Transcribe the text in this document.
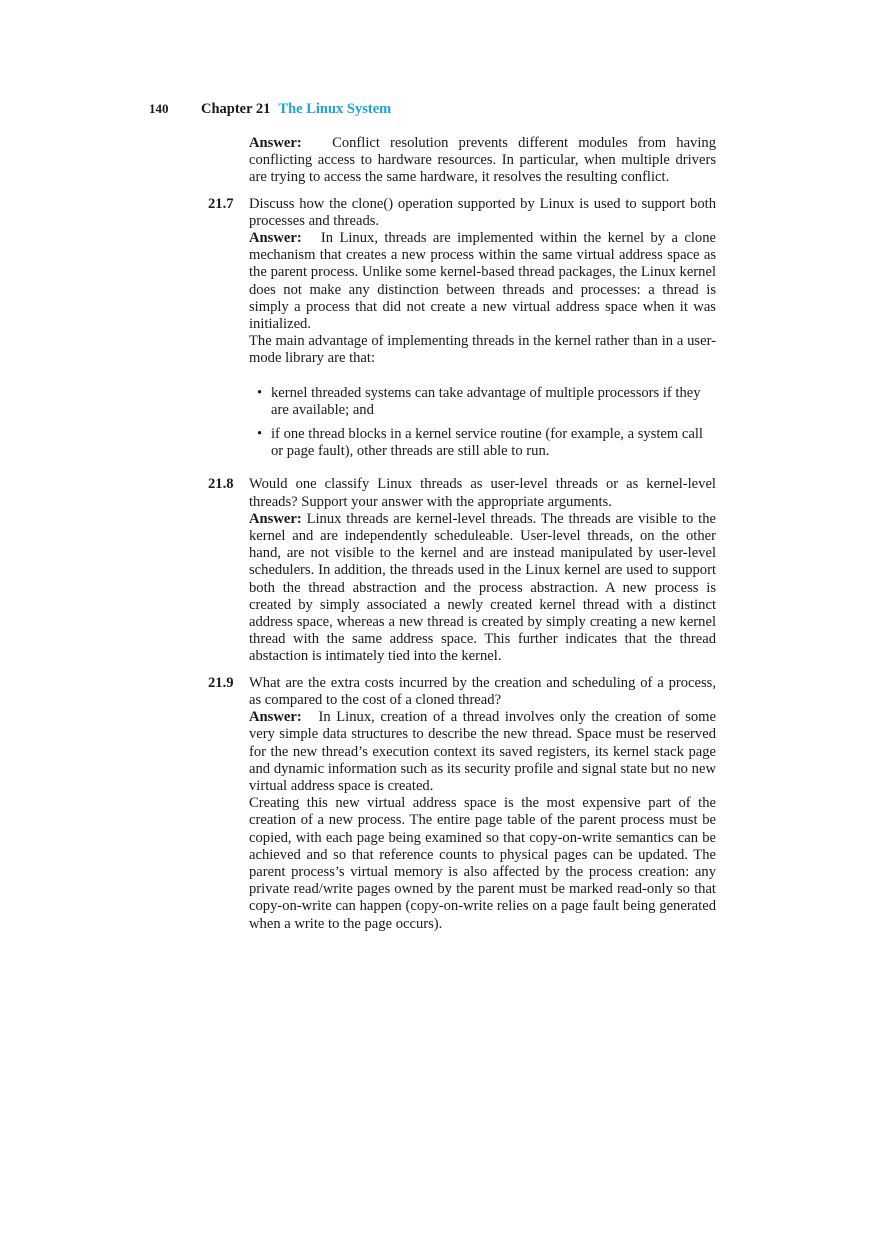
140 Chapter 21 The Linux System

Answer: Conflict resolution prevents different modules from having conflicting access to hardware resources. In particular, when multiple drivers are trying to access the same hardware, it resolves the resulting conflict.

21.7 Discuss how the clone() operation supported by Linux is used to support both processes and threads.

Answer: In Linux, threads are implemented within the kernel by a clone mechanism that creates a new process within the same virtual address space as the parent process. Unlike some kernel-based thread packages, the Linux kernel does not make any distinction between threads and processes: a thread is simply a process that did not create a new virtual address space when it was initialized.

The main advantage of implementing threads in the kernel rather than in a user-mode library are that:

• kernel threaded systems can take advantage of multiple processors if they are available; and
• if one thread blocks in a kernel service routine (for example, a system call or page fault), other threads are still able to run.
21.8 Would one classify Linux threads as user-level threads or as kernel-level threads? Support your answer with the appropriate arguments.

Answer: Linux threads are kernel-level threads. The threads are visible to the kernel and are independently scheduleable. User-level threads, on the other hand, are not visible to the kernel and are instead manipulated by user-level schedulers. In addition, the threads used in the Linux kernel are used to support both the thread abstraction and the process abstraction. A new process is created by simply associated a newly created kernel thread with a distinct address space, whereas a new thread is created by simply creating a new kernel thread with the same address space. This further indicates that the thread abstaction is intimately tied into the kernel.

21.9 What are the extra costs incurred by the creation and scheduling of a process, as compared to the cost of a cloned thread?

Answer: In Linux, creation of a thread involves only the creation of some very simple data structures to describe the new thread. Space must be reserved for the new thread’s execution context its saved registers, its kernel stack page and dynamic information such as its security profile and signal state but no new virtual address space is created.

Creating this new virtual address space is the most expensive part of the creation of a new process. The entire page table of the parent process must be copied, with each page being examined so that copy-on-write semantics can be achieved and so that reference counts to physical pages can be updated. The parent process’s virtual memory is also affected by the process creation: any private read/write pages owned by the parent must be marked read-only so that copy-on-write can happen (copy-on-write relies on a page fault being generated when a write to the page occurs).
